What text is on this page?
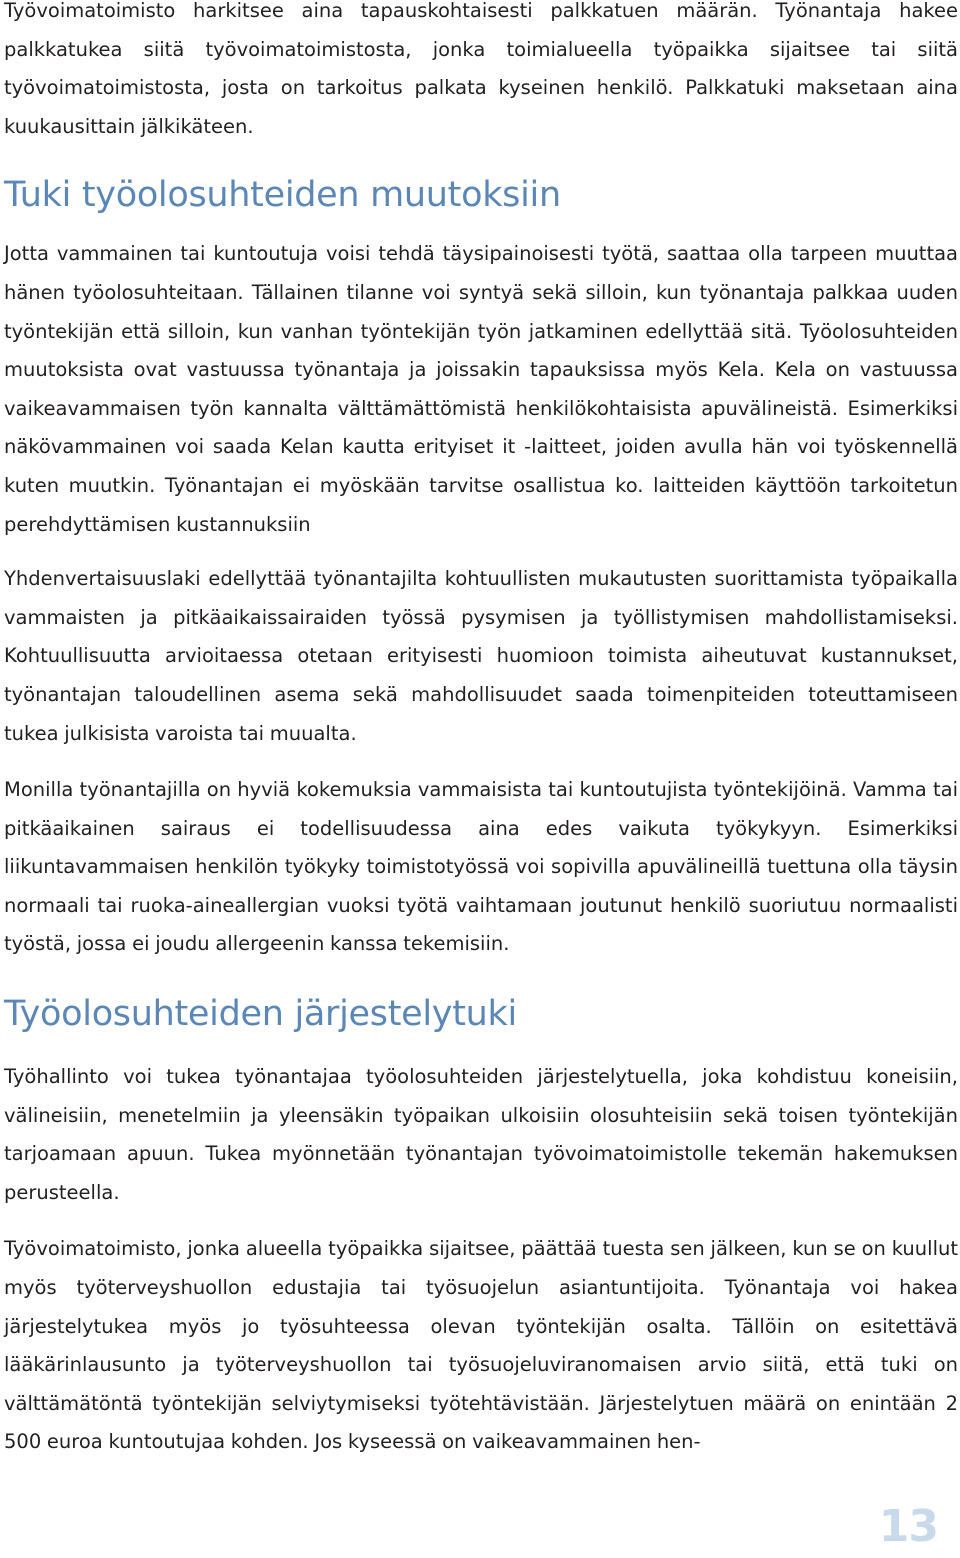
Työvoimatoimisto harkitsee aina tapauskohtaisesti palkkatuen määrän. Työnantaja hakee palkkatukea siitä työvoimatoimistosta, jonka toimialueella työpaikka sijaitsee tai siitä työvoimatoimistosta, josta on tarkoitus palkata kyseinen henkilö. Palkkatuki maksetaan aina kuukausittain jälkikäteen.

Tuki työolosuhteiden muutoksiin

Jotta vammainen tai kuntoutuja voisi tehdä täysipainoisesti työtä, saattaa olla tarpeen muuttaa hänen työolosuhteitaan. Tällainen tilanne voi syntyä sekä silloin, kun työnantaja palkkaa uuden työntekijän että silloin, kun vanhan työntekijän työn jatkaminen edellyttää sitä. Työolosuhteiden muutoksista ovat vastuussa työnantaja ja joissakin tapauksissa myös Kela. Kela on vastuussa vaikeavammaisen työn kannalta välttämättömistä henkilökohtaisista apuvälineistä. Esimerkiksi näkövammainen voi saada Kelan kautta erityiset it -laitteet, joiden avulla hän voi työskennellä kuten muutkin. Työnantajan ei myöskään tarvitse osallistua ko. laitteiden käyttöön tarkoitetun perehdyttämisen kustannuksiin

Yhdenvertaisuuslaki edellyttää työnantajilta kohtuullisten mukautusten suorittamista työpaikalla vammaisten ja pitkäaikaissairaiden työssä pysymisen ja työllistymisen mahdollistamiseksi. Kohtuullisuutta arvioitaessa otetaan erityisesti huomioon toimista aiheutuvat kustannukset, työnantajan taloudellinen asema sekä mahdollisuudet saada toimenpiteiden toteuttamiseen tukea julkisista varoista tai muualta.

Monilla työnantajilla on hyviä kokemuksia vammaisista tai kuntoutujista työntekijöinä. Vamma tai pitkäaikainen sairaus ei todellisuudessa aina edes vaikuta työkykyyn. Esimerkiksi liikuntavammaisen henkilön työkyky toimistotyössä voi sopivilla apuvälineillä tuettuna olla täysin normaali tai ruoka-aineallergian vuoksi työtä vaihtamaan joutunut henkilö suoriutuu normaalisti työstä, jossa ei joudu allergeenin kanssa tekemisiin.

Työolosuhteiden järjestelytuki

Työhallinto voi tukea työnantajaa työolosuhteiden järjestelytuella, joka kohdistuu koneisiin, välineisiin, menetelmiin ja yleensäkin työpaikan ulkoisiin olosuhteisiin sekä toisen työntekijän tarjoamaan apuun. Tukea myönnetään työnantajan työvoimatoimistolle tekemän hakemuksen perusteella.

Työvoimatoimisto, jonka alueella työpaikka sijaitsee, päättää tuesta sen jälkeen, kun se on kuullut myös työterveyshuollon edustajia tai työsuojelun asiantuntijoita. Työnantaja voi hakea järjestelytukea myös jo työsuhteessa olevan työntekijän osalta. Tällöin on esitettävä lääkärinlausunto ja työterveyshuollon tai työsuojeluviranomaisen arvio siitä, että tuki on välttämätöntä työntekijän selviytymiseksi työtehtävistään. Järjestelytuen määrä on enintään 2 500 euroa kuntoutujaa kohden. Jos kyseessä on vaikeavammainen hen-

13
